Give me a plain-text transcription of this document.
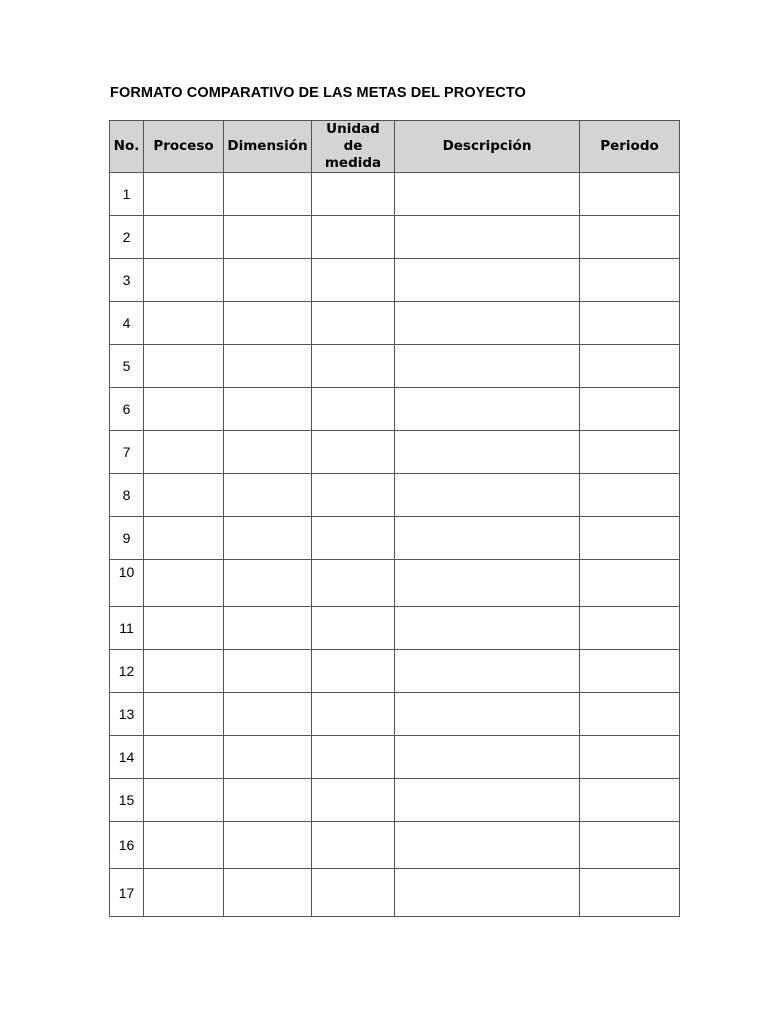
FORMATO COMPARATIVO DE LAS METAS DEL PROYECTO
No.	Proceso	Dimensión	Unidad de medida	Descripción	Periodo
1					
2					
3					
4					
5					
6					
7					
8					
9					
10					
11					
12					
13					
14					
15					
16					
17					
